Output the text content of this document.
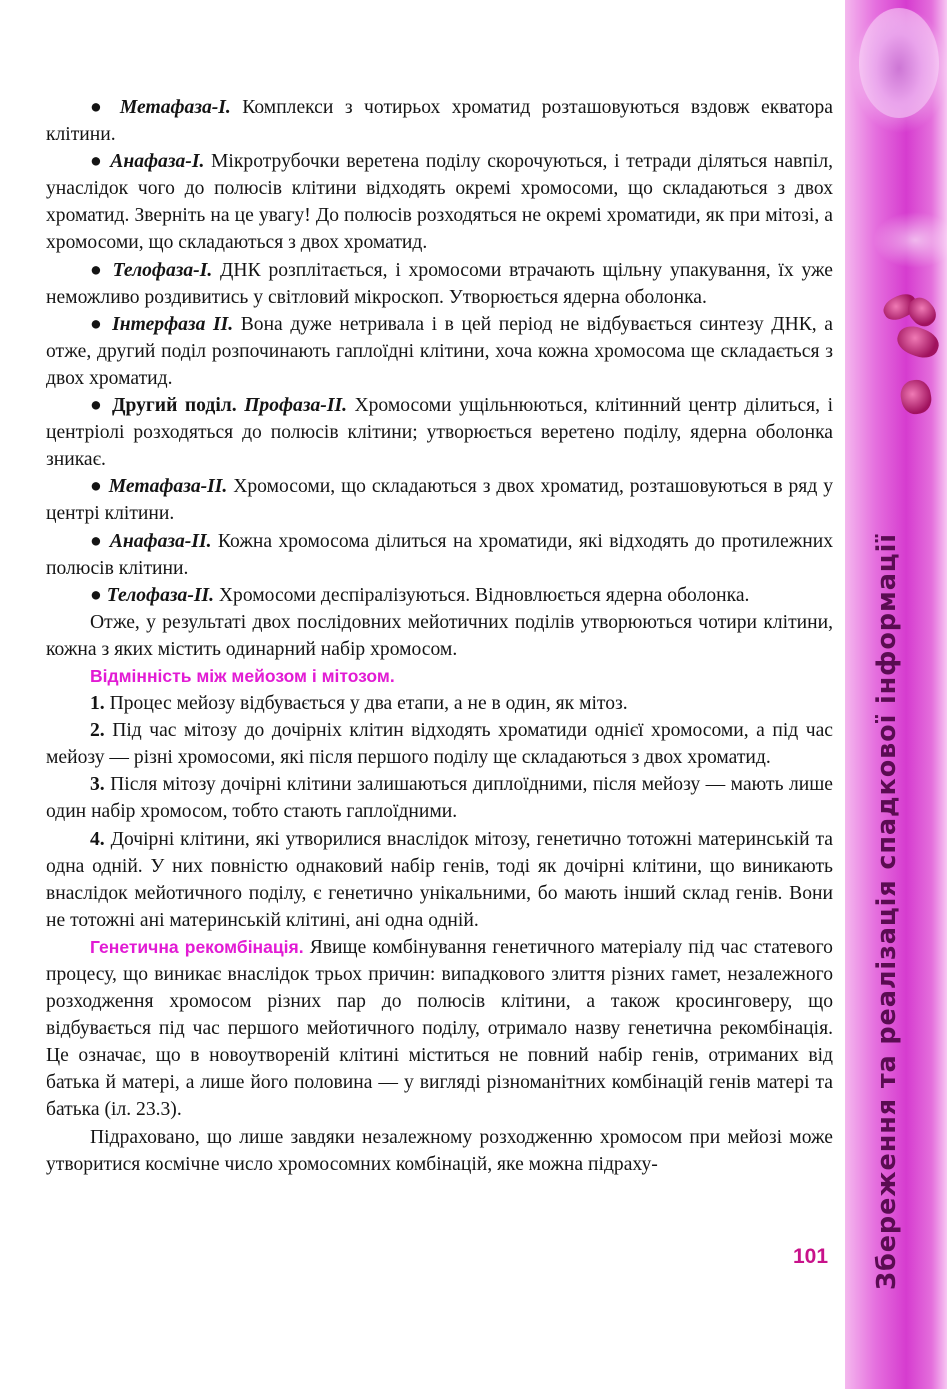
Збереження та реалізація спадкової інформації

● Метафаза-І. Комплекси з чотирьох хроматид розташовуються вздовж екватора клітини.

● Анафаза-І. Мікротрубочки веретена поділу скорочуються, і тетради діляться навпіл, унаслідок чого до полюсів клітини відходять окремі хромосоми, що складаються з двох хроматид. Зверніть на це увагу! До полюсів розходяться не окремі хроматиди, як при мітозі, а хромосоми, що складаються з двох хроматид.

● Телофаза-І. ДНК розплітається, і хромосоми втрачають щільну упакування, їх уже неможливо роздивитись у світловий мікроскоп. Утворюється ядерна оболонка.

● Інтерфаза ІІ. Вона дуже нетривала і в цей період не відбувається синтезу ДНК, а отже, другий поділ розпочинають гаплоїдні клітини, хоча кожна хромосома ще складається з двох хроматид.

● Другий поділ. Профаза-ІІ. Хромосоми ущільнюються, клітинний центр ділиться, і центріолі розходяться до полюсів клітини; утворюється веретено поділу, ядерна оболонка зникає.

● Метафаза-ІІ. Хромосоми, що складаються з двох хроматид, розташовуються в ряд у центрі клітини.

● Анафаза-ІІ. Кожна хромосома ділиться на хроматиди, які відходять до протилежних полюсів клітини.

● Телофаза-ІІ. Хромосоми деспіралізуються. Відновлюється ядерна оболонка.

Отже, у результаті двох послідовних мейотичних поділів утворюються чотири клітини, кожна з яких містить одинарний набір хромосом.

Відмінність між мейозом і мітозом.

1. Процес мейозу відбувається у два етапи, а не в один, як мітоз.

2. Під час мітозу до дочірніх клітин відходять хроматиди однієї хромосоми, а під час мейозу — різні хромосоми, які після першого поділу ще складаються з двох хроматид.

3. Після мітозу дочірні клітини залишаються диплоїдними, після мейозу — мають лише один набір хромосом, тобто стають гаплоїдними.

4. Дочірні клітини, які утворилися внаслідок мітозу, генетично тотожні материнській та одна одній. У них повністю однаковий набір генів, тоді як дочірні клітини, що виникають внаслідок мейотичного поділу, є генетично унікальними, бо мають інший склад генів. Вони не тотожні ані материнській клітині, ані одна одній.

Генетична рекомбінація. Явище комбінування генетичного матеріалу під час статевого процесу, що виникає внаслідок трьох причин: випадкового злиття різних гамет, незалежного розходження хромосом різних пар до полюсів клітини, а також кросинговеру, що відбувається під час першого мейотичного поділу, отримало назву генетична рекомбінація. Це означає, що в новоутвореній клітині міститься не повний набір генів, отриманих від батька й матері, а лише його половина — у вигляді різноманітних комбінацій генів матері та батька (іл. 23.3).

Підраховано, що лише завдяки незалежному розходженню хромосом при мейозі може утворитися космічне число хромосомних комбінацій, яке можна підраху-

101
